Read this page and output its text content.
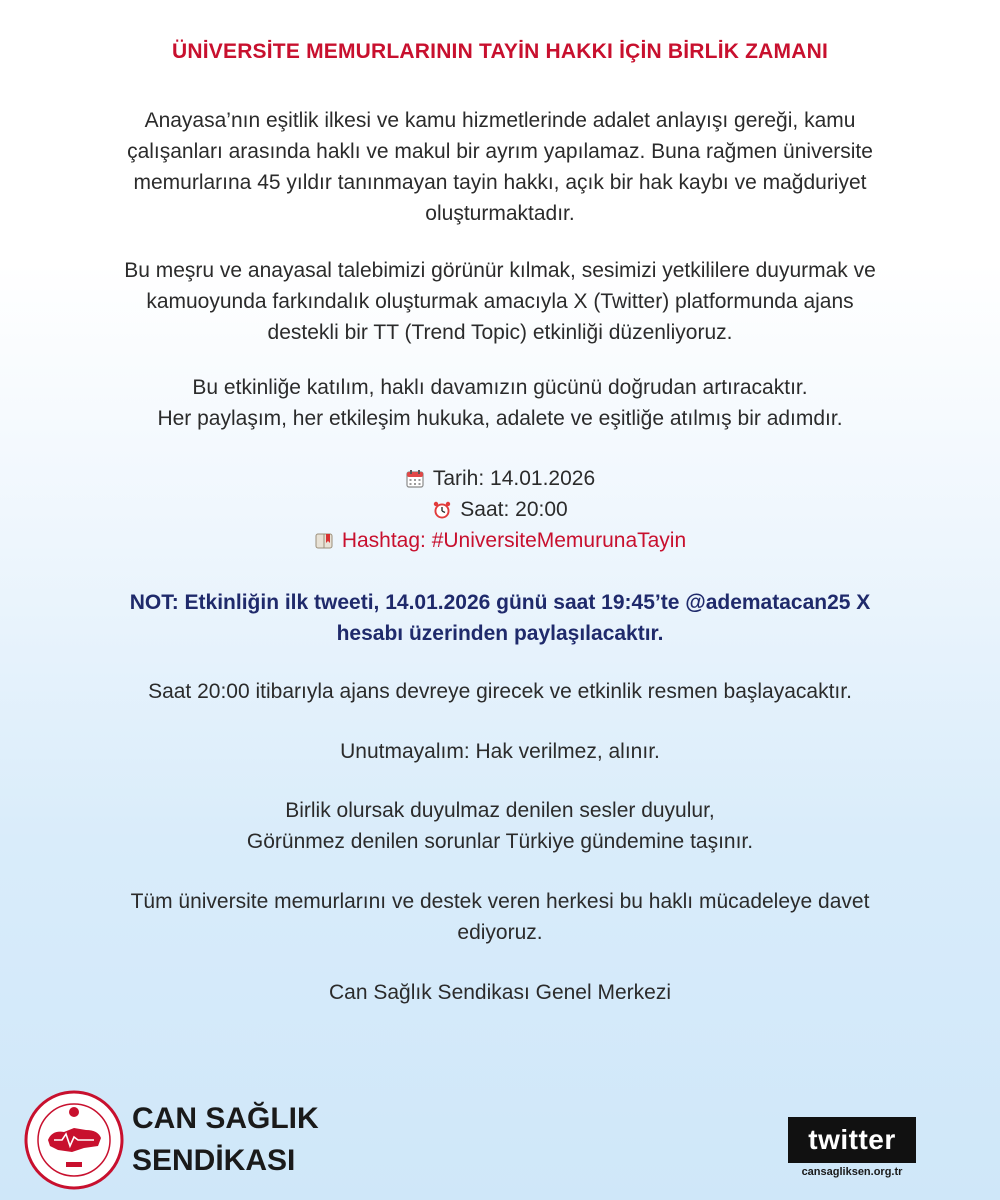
ÜNİVERSİTE MEMURLARININ TAYİN HAKKI İÇİN BİRLİK ZAMANI
Anayasa’nın eşitlik ilkesi ve kamu hizmetlerinde adalet anlayışı gereği, kamu
çalışanları arasında haklı ve makul bir ayrım yapılamaz. Buna rağmen üniversite
memurlarına 45 yıldır tanınmayan tayin hakkı, açık bir hak kaybı ve mağduriyet
oluşturmaktadır.
Bu meşru ve anayasal talebimizi görünür kılmak, sesimizi yetkililere duyurmak ve
kamuoyunda farkındalık oluşturmak amacıyla X (Twitter) platformunda ajans
destekli bir TT (Trend Topic) etkinliği düzenliyoruz.
Bu etkinliğe katılım, haklı davamızın gücünü doğrudan artıracaktır.
Her paylaşım, her etkileşim hukuka, adalete ve eşitliğe atılmış bir adımdır.
Tarih: 14.01.2026
Saat: 20:00
Hashtag: #UniversiteMemurunaTayin
NOT: Etkinliğin ilk tweeti, 14.01.2026 günü saat 19:45’te @adematacan25 X
hesabı üzerinden paylaşılacaktır.
Saat 20:00 itibarıyla ajans devreye girecek ve etkinlik resmen başlayacaktır.
Unutmayalım: Hak verilmez, alınır.
Birlik olursak duyulmaz denilen sesler duyulur,
Görünmez denilen sorunlar Türkiye gündemine taşınır.
Tüm üniversite memurlarını ve destek veren herkesi bu haklı mücadeleye davet
ediyoruz.
Can Sağlık Sendikası Genel Merkezi
CAN SAĞLIK
SENDİKASI
twitter
cansagliksen.org.tr
